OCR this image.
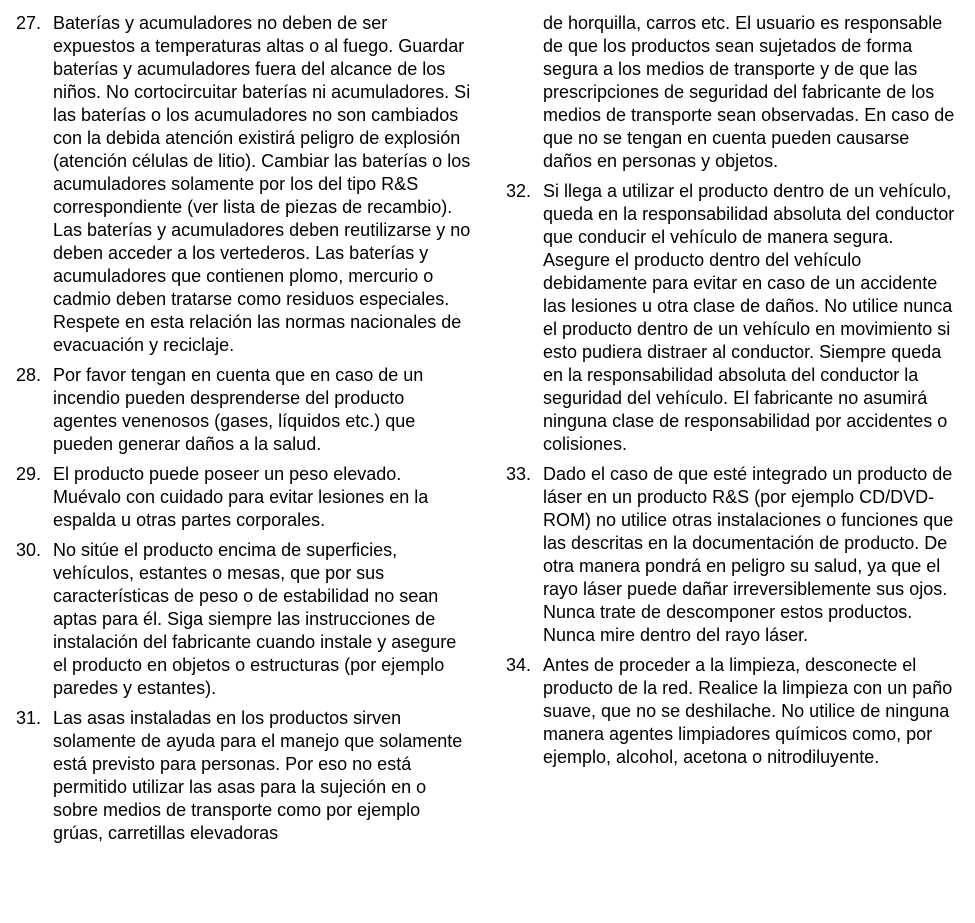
27. Baterías y acumuladores no deben de ser expuestos a temperaturas altas o al fuego. Guardar baterías y acumuladores fuera del alcance de los niños. No cortocircuitar baterías ni acumuladores. Si las baterías o los acumuladores no son cambiados con la debida atención existirá peligro de explosión (atención células de litio). Cambiar las baterías o los acumuladores solamente por los del tipo R&S correspondiente (ver lista de piezas de recambio). Las baterías y acumuladores deben reutilizarse y no deben acceder a los vertederos. Las baterías y acumuladores que contienen plomo, mercurio o cadmio deben tratarse como residuos especiales. Respete en esta relación las normas nacionales de evacuación y reciclaje.
28. Por favor tengan en cuenta que en caso de un incendio pueden desprenderse del producto agentes venenosos (gases, líquidos etc.) que pueden generar daños a la salud.
29. El producto puede poseer un peso elevado. Muévalo con cuidado para evitar lesiones en la espalda u otras partes corporales.
30. No sitúe el producto encima de superficies, vehículos, estantes o mesas, que por sus características de peso o de estabilidad no sean aptas para él. Siga siempre las instrucciones de instalación del fabricante cuando instale y asegure el producto en objetos o estructuras (por ejemplo paredes y estantes).
31. Las asas instaladas en los productos sirven solamente de ayuda para el manejo que solamente está previsto para personas. Por eso no está permitido utilizar las asas para la sujeción en o sobre medios de transporte como por ejemplo grúas, carretillas elevadoras
de horquilla, carros etc. El usuario es responsable de que los productos sean sujetados de forma segura a los medios de transporte y de que las prescripciones de seguridad del fabricante de los medios de transporte sean observadas. En caso de que no se tengan en cuenta pueden causarse daños en personas y objetos.
32. Si llega a utilizar el producto dentro de un vehículo, queda en la responsabilidad absoluta del conductor que conducir el vehículo de manera segura. Asegure el producto dentro del vehículo debidamente para evitar en caso de un accidente las lesiones u otra clase de daños. No utilice nunca el producto dentro de un vehículo en movimiento si esto pudiera distraer al conductor. Siempre queda en la responsabilidad absoluta del conductor la seguridad del vehículo. El fabricante no asumirá ninguna clase de responsabilidad por accidentes o colisiones.
33. Dado el caso de que esté integrado un producto de láser en un producto R&S (por ejemplo CD/DVD-ROM) no utilice otras instalaciones o funciones que las descritas en la documentación de producto. De otra manera pondrá en peligro su salud, ya que el rayo láser puede dañar irreversiblemente sus ojos. Nunca trate de descomponer estos productos. Nunca mire dentro del rayo láser.
34. Antes de proceder a la limpieza, desconecte el producto de la red. Realice la limpieza con un paño suave, que no se deshilache. No utilice de ninguna manera agentes limpiadores químicos como, por ejemplo, alcohol, acetona o nitrodiluyente.
